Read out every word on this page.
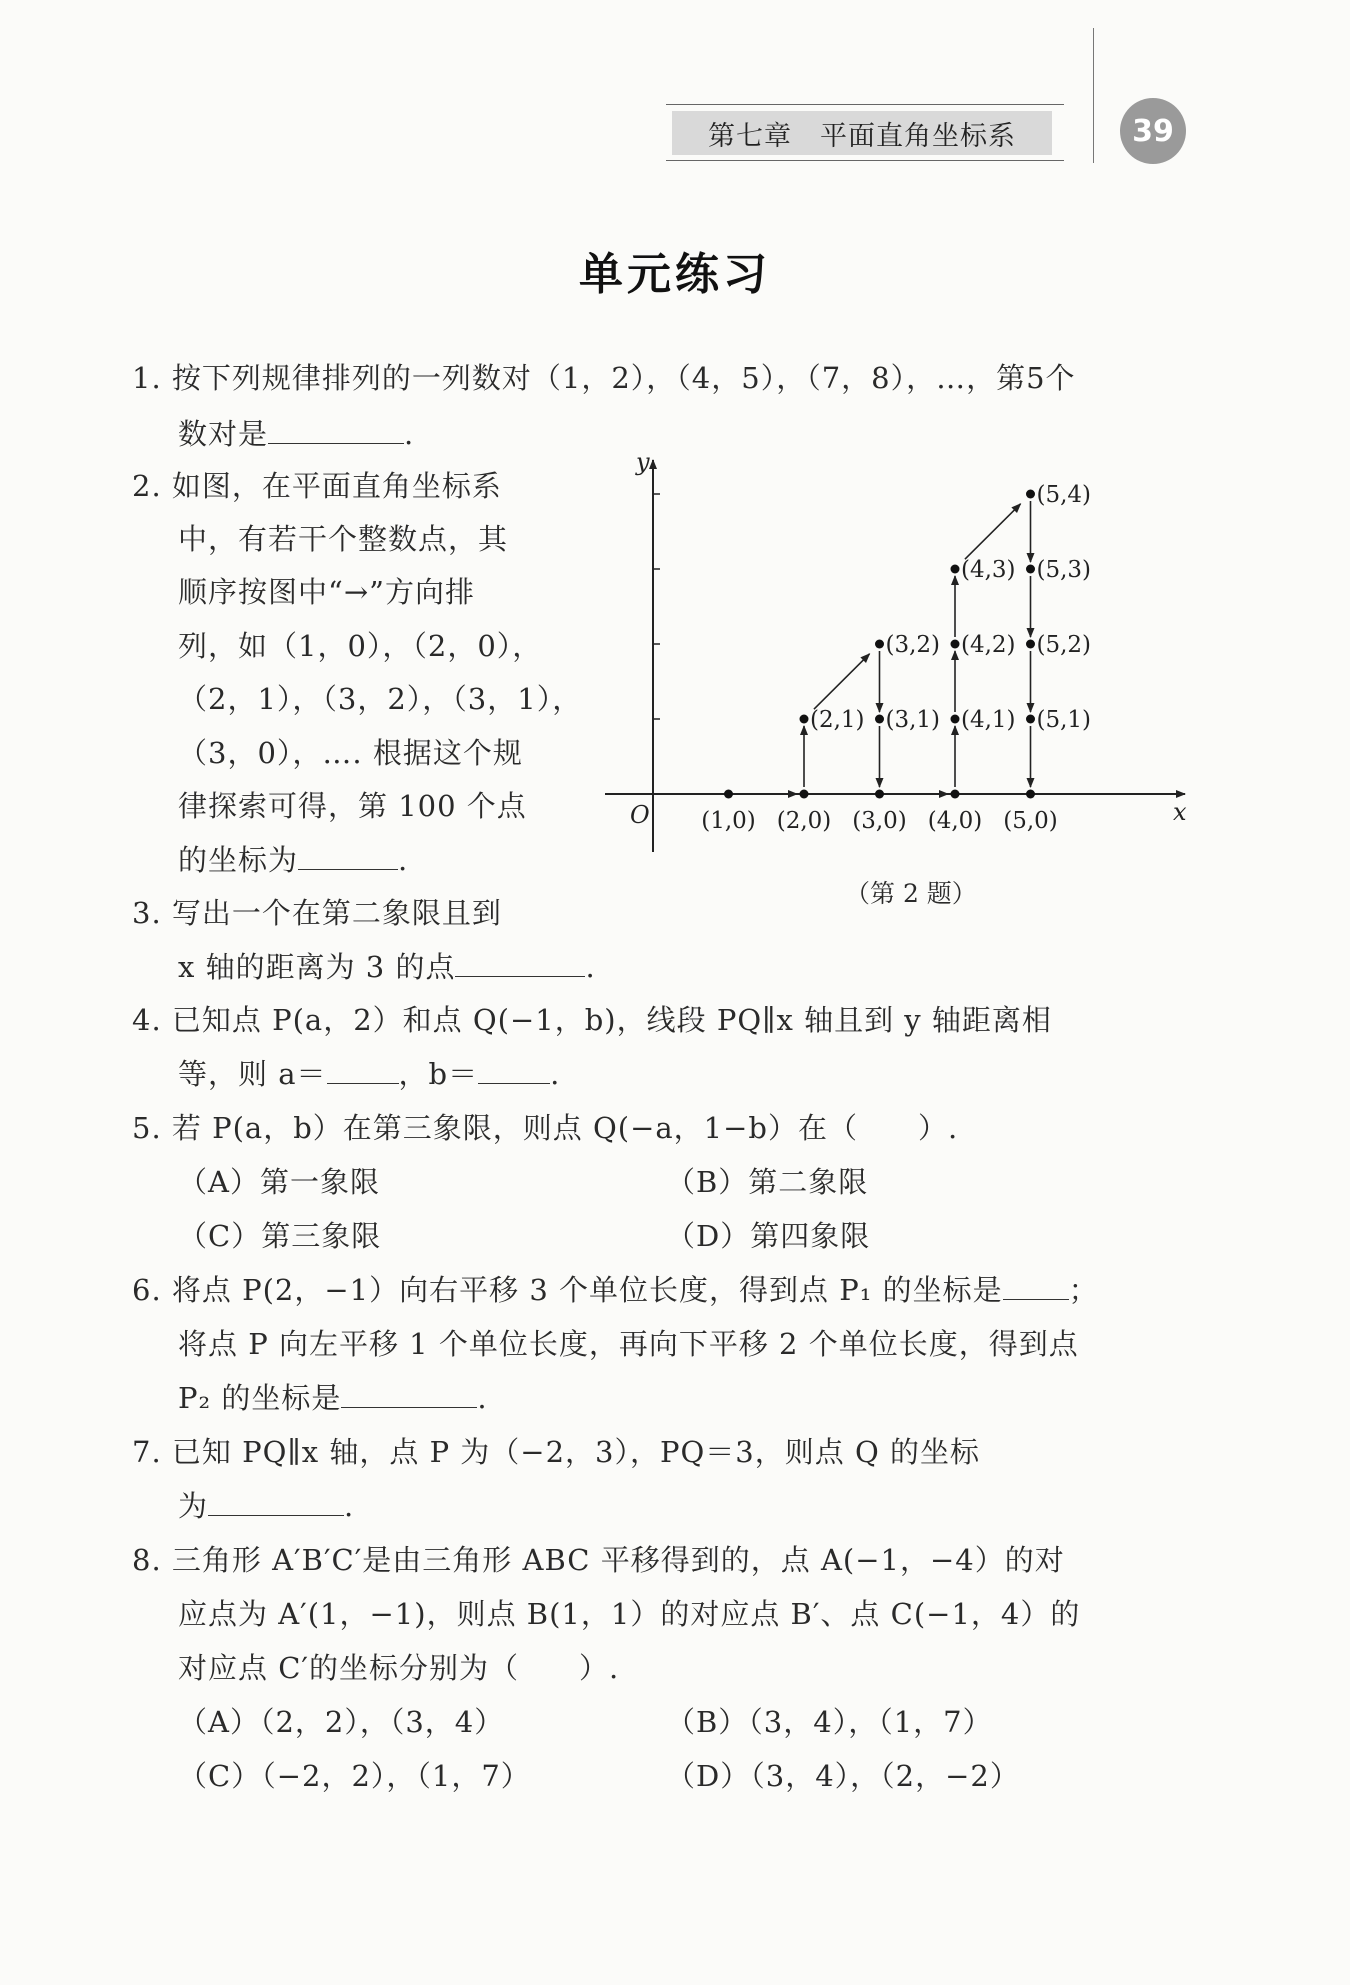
第七章　平面直角坐标系	39
单元练习
1. 按下列规律排列的一列数对（1，2），（4，5），（7，8），…，第5个
数对是	.
2. 如图，在平面直角坐标系
中，有若干个整数点，其
顺序按图中“→”方向排
列，如（1，0），（2，0），
（2，1），（3，2），（3，1），
（3，0），…. 根据这个规
律探索可得，第 100 个点
的坐标为	.
3. 写出一个在第二象限且到
x 轴的距离为 3 的点	.
4. 已知点 P(a，2）和点 Q(−1，b)，线段 PQ∥x 轴且到 y 轴距离相
等，则 a＝ ，b＝ .
5. 若 P(a，b）在第三象限，则点 Q(−a，1−b）在（　　）.
（A）第一象限	（B）第二象限
（C）第三象限	（D）第四象限
6. 将点 P(2，−1）向右平移 3 个单位长度，得到点 P₁ 的坐标是 ；
将点 P 向左平移 1 个单位长度，再向下平移 2 个单位长度，得到点
P₂ 的坐标是	.
7. 已知 PQ∥x 轴，点 P 为（−2，3），PQ＝3，则点 Q 的坐标
为	.
8. 三角形 A′B′C′是由三角形 ABC 平移得到的，点 A(−1，−4）的对
应点为 A′(1，−1)，则点 B(1，1）的对应点 B′、点 C(−1，4）的
对应点 C′的坐标分别为（　　）.
（A）（2，2），（3，4）	（B）（3，4），（1，7）
（C）（−2，2），（1，7）	（D）（3，4），（2，−2）
(1,0) (2,0)
(2,1)
(3,2)
(3,1)
(3,0) (4,0)
(4,1)
(4,2)
(4,3)
(5,4)
(5,3)
(5,2)
(5,1)
(5,0)	x
y
O
（第 2 题）
